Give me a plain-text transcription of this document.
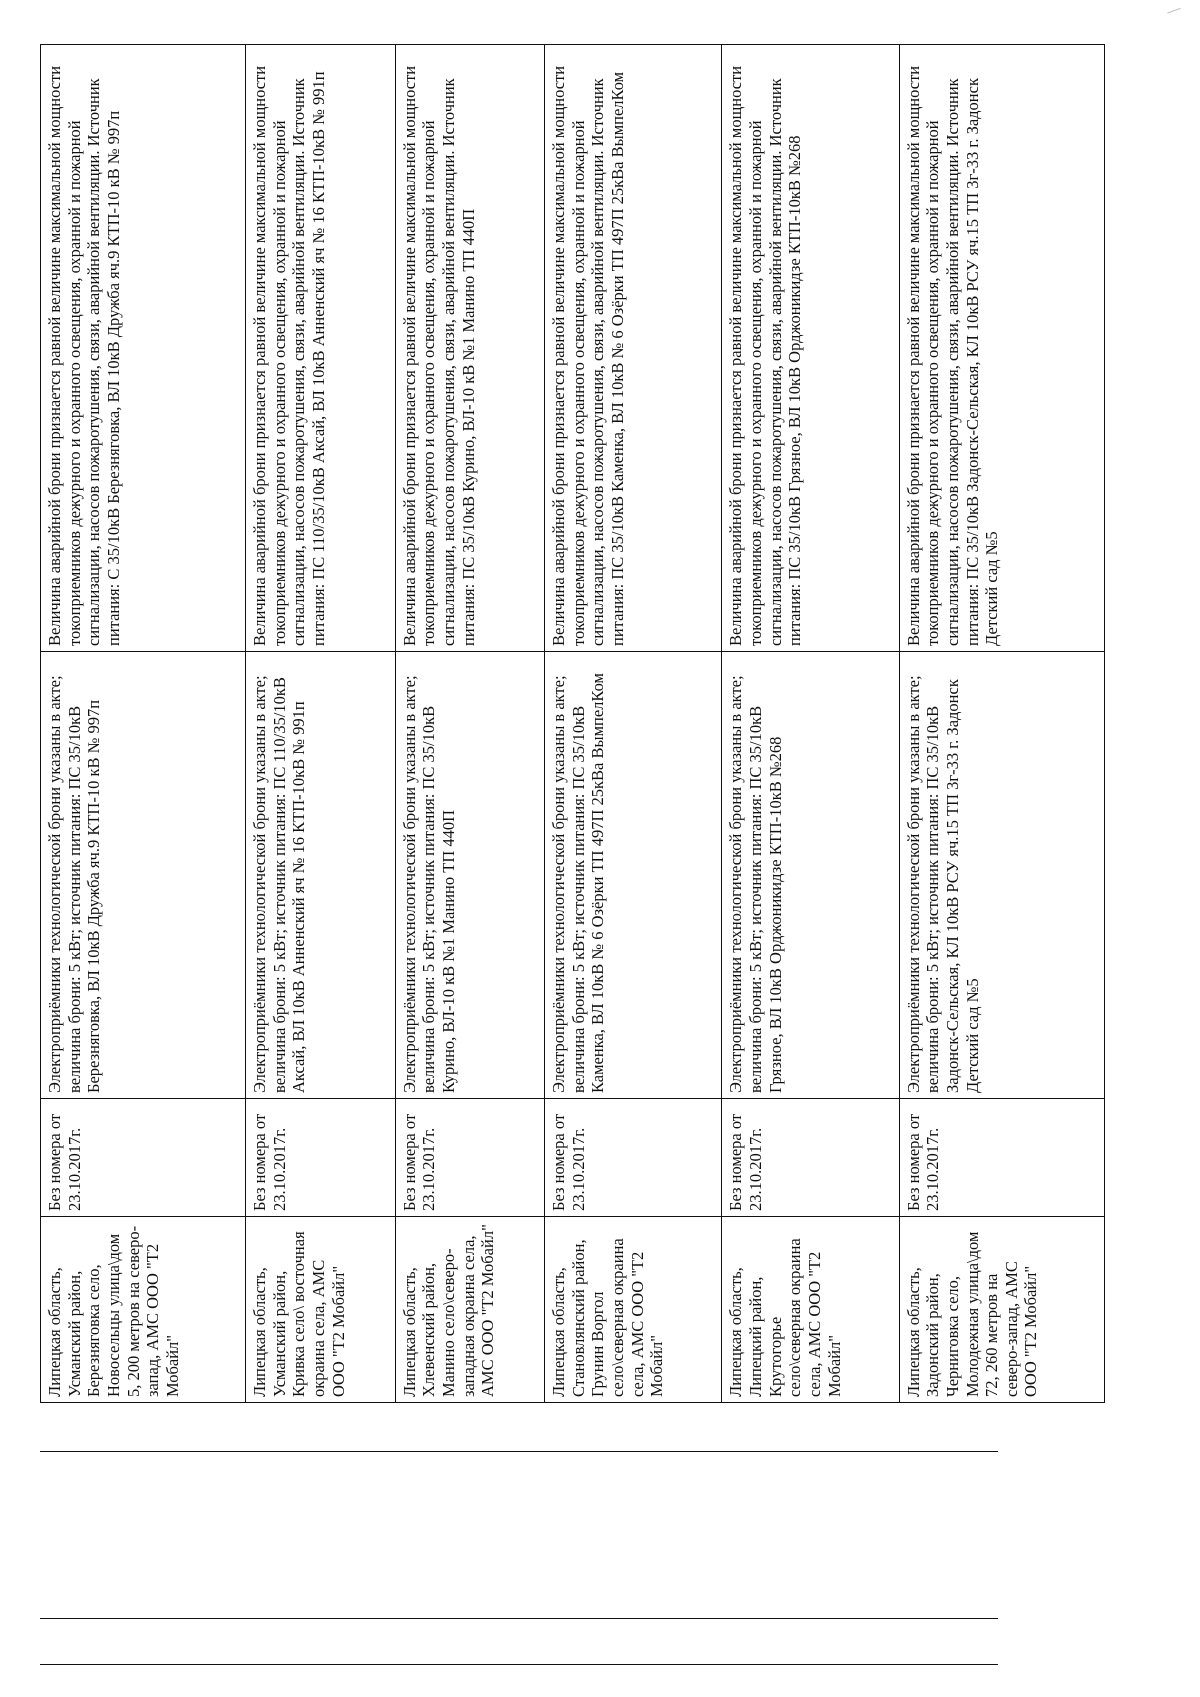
Липецкая область, Усманский район, Березняговка село, Новосельцы улица\дом 5, 200 метров на северо-запад, АМС ООО "Т2 Мобайл"	Без номера от 23.10.2017г.	Электроприёмники технологической брони указаны в акте; величина брони: 5 кВт; источник питания: ПС 35/10кВ Березняговка, ВЛ 10кВ Дружба яч.9 КТП-10 кВ № 997п	Величина аварийной брони признается равной величине максимальной мощности токоприемников дежурного и охранного освещения, охранной и пожарной сигнализации, насосов пожаротушения, связи, аварийной вентиляции. Источник питания: С 35/10кВ Березняговка, ВЛ 10кВ Дружба яч.9 КТП-10 кВ № 997п
Липецкая область, Усманский район, Кривка село\ восточная окраина села, АМС ООО "Т2 Мобайл"	Без номера от 23.10.2017г.	Электроприёмники технологической брони указаны в акте; величина брони: 5 кВт; источник питания: ПС 110/35/10кВ Аксай, ВЛ 10кВ Анненский яч № 16 КТП-10кВ № 991п	Величина аварийной брони признается равной величине максимальной мощности токоприемников дежурного и охранного освещения, охранной и пожарной сигнализации, насосов пожаротушения, связи, аварийной вентиляции. Источник питания: ПС 110/35/10кВ Аксай, ВЛ 10кВ Анненский яч № 16 КТП-10кВ № 991п
Липецкая область, Хлевенский район, Манино село\северо-западная окраина села, АМС ООО "Т2 Мобайл"	Без номера от 23.10.2017г.	Электроприёмники технологической брони указаны в акте; величина брони: 5 кВт; источник питания: ПС 35/10кВ Курино, ВЛ-10 кВ №1 Манино ТП 440П	Величина аварийной брони признается равной величине максимальной мощности токоприемников дежурного и охранного освещения, охранной и пожарной сигнализации, насосов пожаротушения, связи, аварийной вентиляции. Источник питания: ПС 35/10кВ Курино, ВЛ-10 кВ №1 Манино ТП 440П
Липецкая область, Становлянский район, Грунин Воргол село\северная окраина села, АМС ООО "Т2 Мобайл"	Без номера от 23.10.2017г.	Электроприёмники технологической брони указаны в акте; величина брони: 5 кВт; источник питания: ПС 35/10кВ Каменка, ВЛ 10кВ № 6 Озёрки ТП 497П 25кВа ВымпелКом	Величина аварийной брони признается равной величине максимальной мощности токоприемников дежурного и охранного освещения, охранной и пожарной сигнализации, насосов пожаротушения, связи, аварийной вентиляции. Источник питания: ПС 35/10кВ Каменка, ВЛ 10кВ № 6 Озёрки ТП 497П 25кВа ВымпелКом
Липецкая область, Липецкий район, Крутогорье село\северная окраина села, АМС ООО "Т2 Мобайл"	Без номера от 23.10.2017г.	Электроприёмники технологической брони указаны в акте; величина брони: 5 кВт; источник питания: ПС 35/10кВ Грязное, ВЛ 10кВ Орджоникидзе КТП-10кВ №268	Величина аварийной брони признается равной величине максимальной мощности токоприемников дежурного и охранного освещения, охранной и пожарной сигнализации, насосов пожаротушения, связи, аварийной вентиляции. Источник питания: ПС 35/10кВ Грязное, ВЛ 10кВ Орджоникидзе КТП-10кВ №268
Липецкая область, Задонский район, Черниговка село, Молодежная улица\дом 72, 260 метров на северо-запад, АМС ООО "Т2 Мобайл"	Без номера от 23.10.2017г.	Электроприёмники технологической брони указаны в акте; величина брони: 5 кВт; источник питания: ПС 35/10кВ Задонск-Сельская, КЛ 10кВ РСУ яч.15 ТП 3г-33 г. Задонск Детский сад №5	Величина аварийной брони признается равной величине максимальной мощности токоприемников дежурного и охранного освещения, охранной и пожарной сигнализации, насосов пожаротушения, связи, аварийной вентиляции. Источник питания: ПС 35/10кВ Задонск-Сельская, КЛ 10кВ РСУ яч.15 ТП 3г-33 г. Задонск Детский сад №5
